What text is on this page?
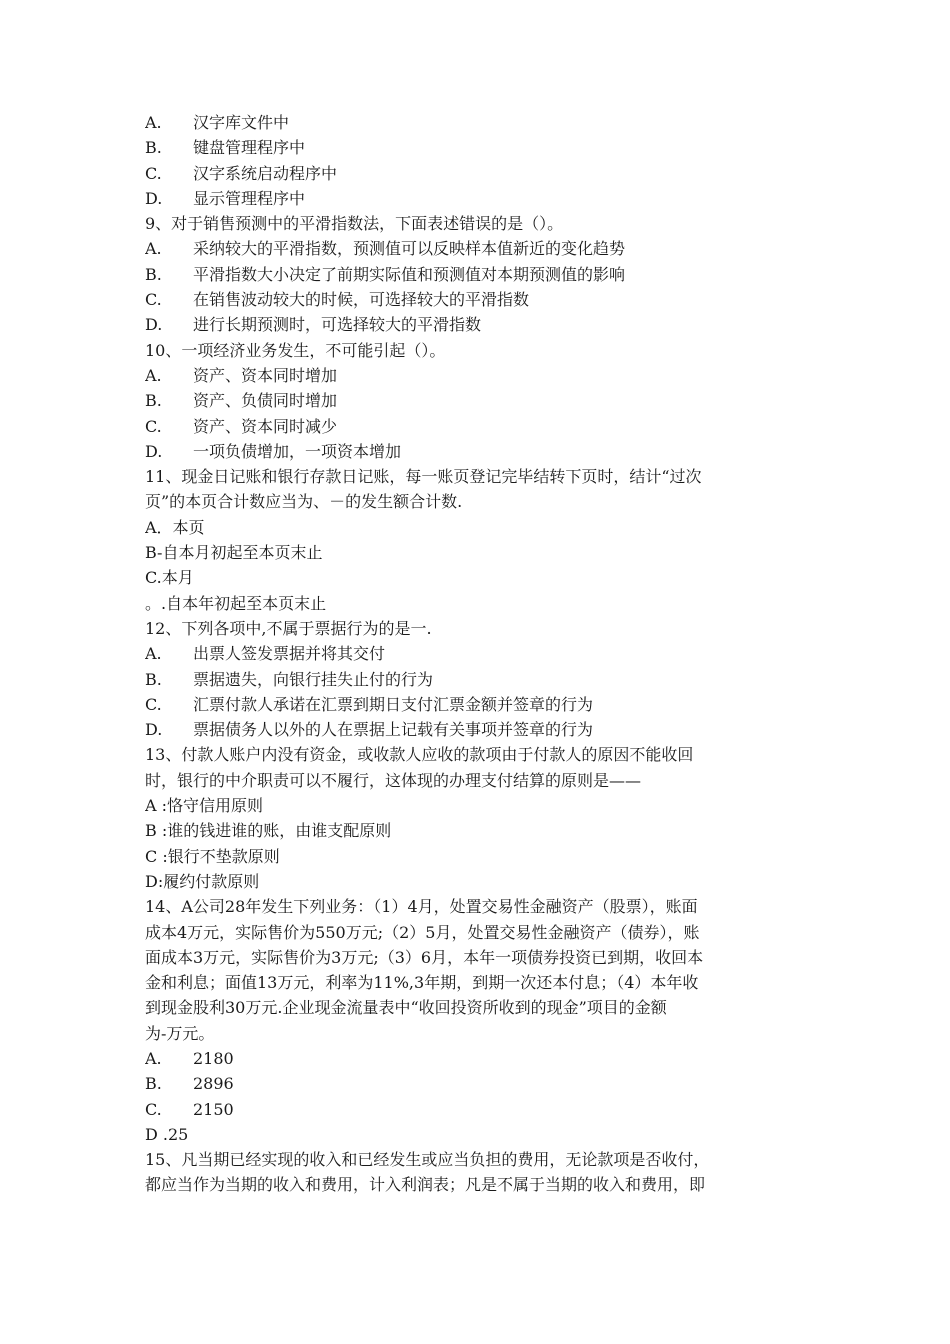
A. 汉字库文件中
B. 键盘管理程序中
C. 汉字系统启动程序中
D. 显示管理程序中
9、对于销售预测中的平滑指数法，下面表述错误的是（）。
A. 采纳较大的平滑指数，预测值可以反映样本值新近的变化趋势
B. 平滑指数大小决定了前期实际值和预测值对本期预测值的影响
C. 在销售波动较大的时候，可选择较大的平滑指数
D. 进行长期预测时，可选择较大的平滑指数
10、一项经济业务发生，不可能引起（）。
A. 资产、资本同时增加
B. 资产、负债同时增加
C. 资产、资本同时减少
D. 一项负债增加，一项资本增加
11、现金日记账和银行存款日记账，每一账页登记完毕结转下页时，结计“过次
页”的本页合计数应当为、－的发生额合计数.
A．本页
B-自本月初起至本页末止
C.本月
。.自本年初起至本页末止
12、下列各项中,不属于票据行为的是一.
A. 出票人签发票据并将其交付
B. 票据遗失，向银行挂失止付的行为
C. 汇票付款人承诺在汇票到期日支付汇票金额并签章的行为
D. 票据债务人以外的人在票据上记载有关事项并签章的行为
13、付款人账户内没有资金，或收款人应收的款项由于付款人的原因不能收回
时，银行的中介职责可以不履行，这体现的办理支付结算的原则是——
A :恪守信用原则
B :谁的钱进谁的账，由谁支配原则
C :银行不垫款原则
D:履约付款原则
14、A公司28年发生下列业务：（1）4月，处置交易性金融资产（股票），账面
成本4万元，实际售价为550万元;（2）5月，处置交易性金融资产（债券），账
面成本3万元，实际售价为3万元;（3）6月，本年一项债券投资已到期，收回本
金和利息；面值13万元，利率为11%,3年期，到期一次还本付息；（4）本年收
到现金股利30万元.企业现金流量表中“收回投资所收到的现金”项目的金额
为-万元。
A. 2180
B. 2896
C. 2150
D .25
15、凡当期已经实现的收入和已经发生或应当负担的费用，无论款项是否收付，
都应当作为当期的收入和费用，计入利润表；凡是不属于当期的收入和费用，即
